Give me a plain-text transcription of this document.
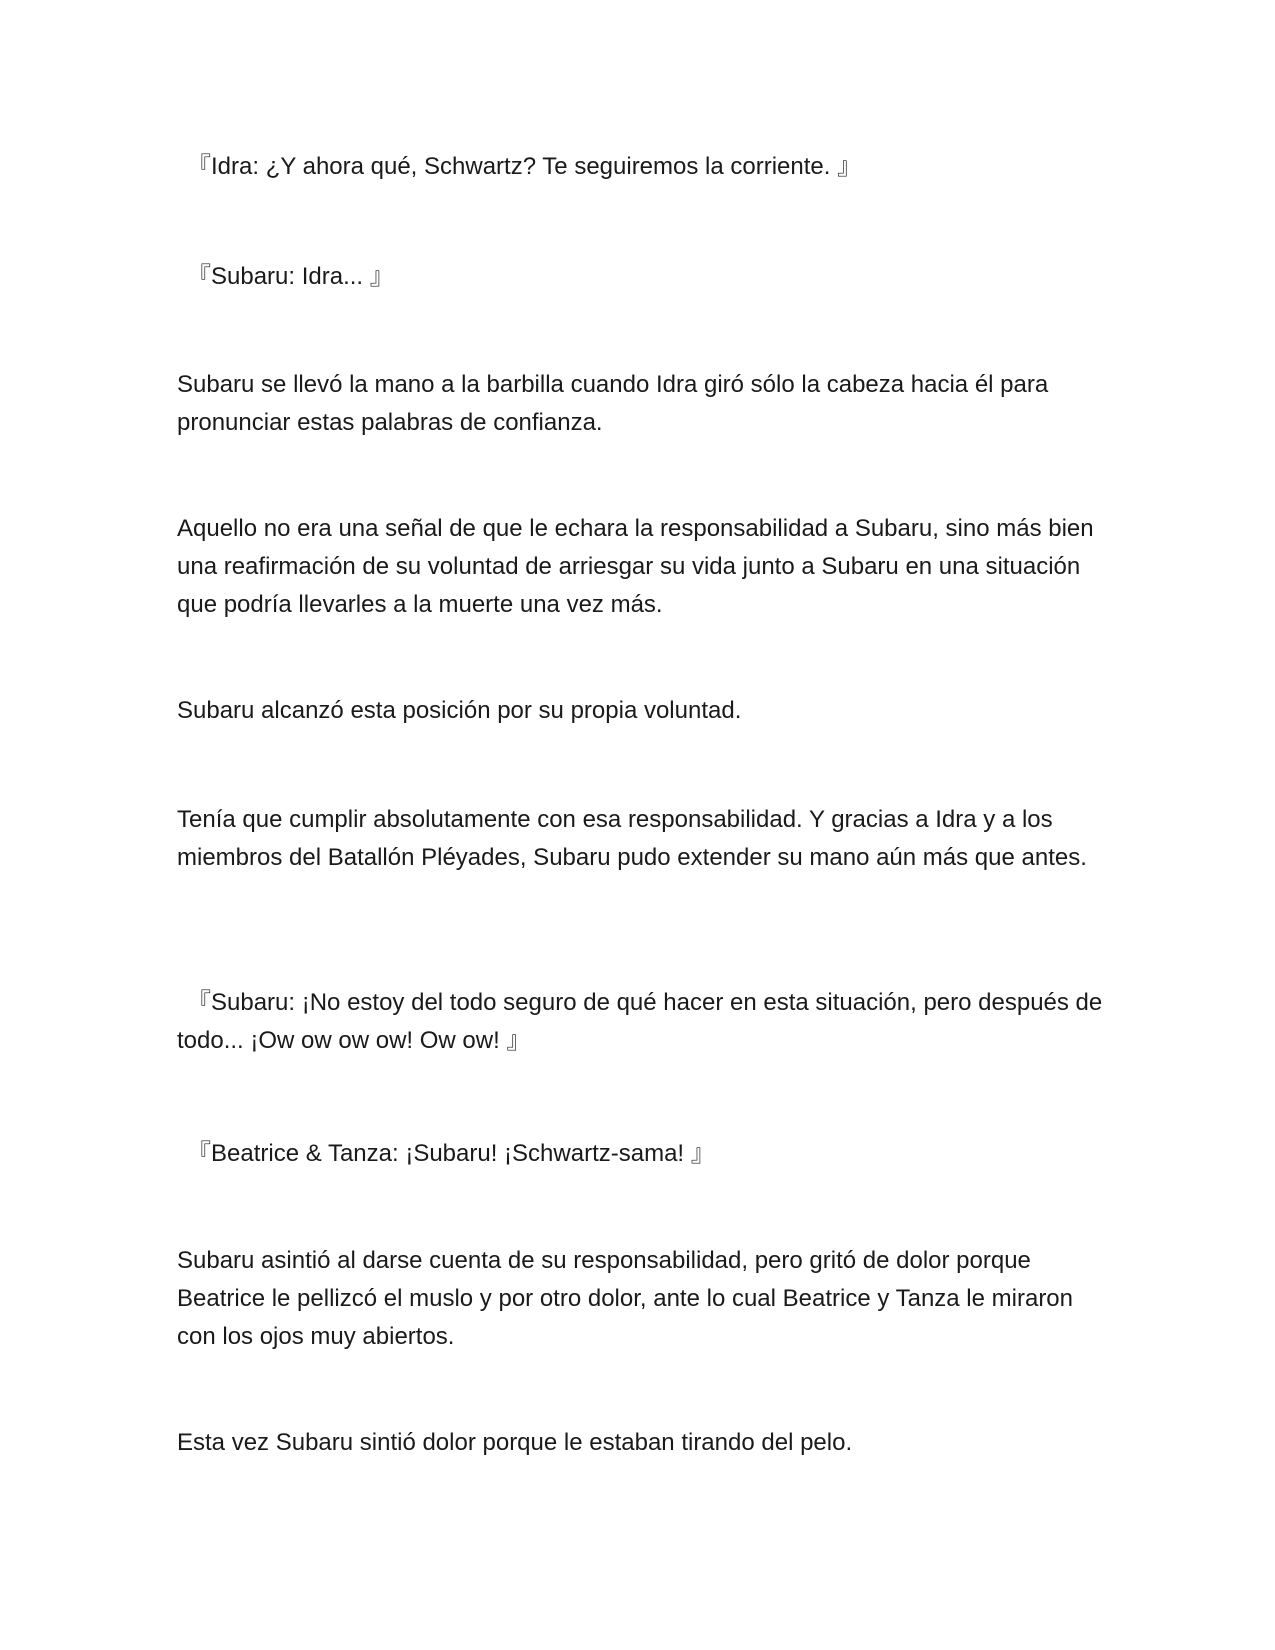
『Idra: ¿Y ahora qué, Schwartz? Te seguiremos la corriente. 』

『Subaru: Idra... 』

Subaru se llevó la mano a la barbilla cuando Idra giró sólo la cabeza hacia él para pronunciar estas palabras de confianza.

Aquello no era una señal de que le echara la responsabilidad a Subaru, sino más bien una reafirmación de su voluntad de arriesgar su vida junto a Subaru en una situación que podría llevarles a la muerte una vez más.

Subaru alcanzó esta posición por su propia voluntad.

Tenía que cumplir absolutamente con esa responsabilidad. Y gracias a Idra y a los miembros del Batallón Pléyades, Subaru pudo extender su mano aún más que antes.

『Subaru: ¡No estoy del todo seguro de qué hacer en esta situación, pero después de todo... ¡Ow ow ow ow! Ow ow! 』

『Beatrice & Tanza: ¡Subaru! ¡Schwartz-sama! 』

Subaru asintió al darse cuenta de su responsabilidad, pero gritó de dolor porque Beatrice le pellizcó el muslo y por otro dolor, ante lo cual Beatrice y Tanza le miraron con los ojos muy abiertos.

Esta vez Subaru sintió dolor porque le estaban tirando del pelo.
